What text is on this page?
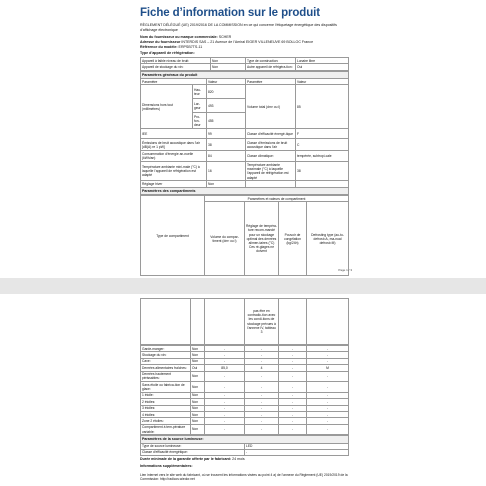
Fiche d’information sur le produit

RÈGLEMENT DÉLÉGUÉ (UE) 2019/2016 DE LA COMMISSION en ce qui concerne l’étiquetage énergétique des dispositifs d’affichage électronique

Nom du fournisseur ou marque commerciale: SCHER

Adresse du fournisseur INTERDIS SAS – 21 Avenue de l’Amiral EIGER VILLENEUVE 69 BOLLOC France

Référence du modèle: ERPSB7TS-11

Type d’appareil de réfrigération:

Appareil à faible niveau de bruit:	Non	Type de construction:	Lunaire libre
Appareil de stockage du vin:	Non	Autre appareil de réfrigéra-tion:	Oui
Paramètres généraux du produit				
Paramètre		Valeur	Paramètre	Valeur
Dimensions hors tout (millimètres)	Hau-teur	820	Volume total (dm³ ou l)	85
	Lar-geur	493		
	Pro-fon-deur	455		
IEE		99	Classe d’efficacité énergé-tique	F
Émissions de bruit acoustique dans l’air [dB(A) re 1 pW]		38	Classe d’émissions de bruit acoustique dans l’air	C
Consommation d’énergie an-nuelle (kWh/an)		84	Classe climatique:	tempérée, subtropi-cale
Température ambiante mini-male (°C) à laquelle l’appareil de réfrigération est adapté		16	Température ambiante maximale (°C) à laquelle l’appareil de réfrigération est adapté	38
Réglage hiver		Non		
Paramètres des compartiments				
Type de compartiment	Paramètres et valeurs de compartiment			
	Volume du compar-timent (dm³ ou l)	Réglage de tempéra-ture recom-mandé pour un stockage optimal des denrées alimen-taires (°C) Ces ré-glages ne doivent	Pouvoir de congélation (kg/24h)	Defrosting type (au-to-defrost=A, ma-nual defrost=M)
Page 1 / 3
			pas être en contradic-tion avec les condi-tions de stockage prévues à l’annexe IV, tableau 3		
Garde-manger:	Non	-	-	-	-
Stockage du vin:	Non	-	-	-	-
Cave:	Non	-	-	-	-
Denrées alimentaires fraîches:	Oui	85,0	4	-	M
Denrées hautement périssables:	Non	-	-	-	-
Sans étoile ou fabrica-tion de glace:	Non	-	-	-	-
1 étoile:	Non	-	-	-	-
2 étoiles:	Non	-	-	-	-
3 étoiles:	Non	-	-	-	-
4 étoiles:	Non	-	-	-	-
Zone 2 étoiles:	Non	-	-	-	-
Compartiment à tem-pérature variable:	Non	-	-	-	-
Paramètres de la source lumineuse:	
Type de source lumineuse:	LED
Classe d’efficacité énergétique:	-

Durée minimale de la garantie offerte par le fabricant: 24 mois

Informations supplémentaires:

Lien internet vers le site web du fabricant, où se trouvent les informations visées au point 4 a) de l’annexe du Règlement (UE) 2019/2019 de la Commission: http://radicos.wiedor.net
